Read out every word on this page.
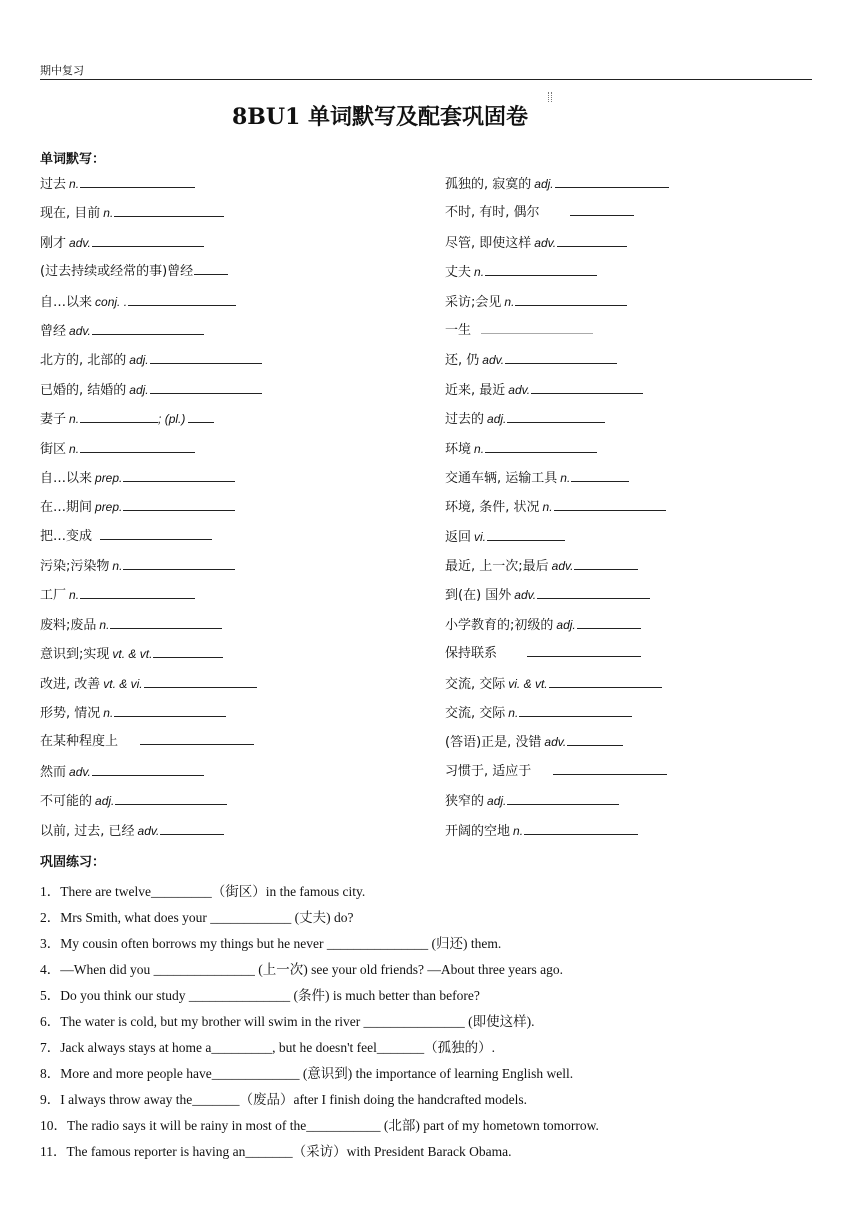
期中复习
8BU1 单词默写及配套巩固卷
单词默写：
过去 n.
现在, 目前 n.
刚才 adv.
(过去持续或经常的事)曾经
自…以来 conj. .
曾经 adv.
北方的, 北部的 adj.
已婚的, 结婚的 adj.
妻子 n.	; (pl.)
街区 n.
自…以来 prep.
在…期间 prep.
把…变成
污染;污染物 n.
工厂 n.
废料;废品 n.
意识到;实现 vt. & vt.
改进, 改善 vt. & vi.
形势, 情况 n.
在某种程度上
然而 adv.
不可能的 adj.
以前, 过去, 已经 adv.
孤独的, 寂寞的 adj.
不时, 有时, 偶尔
尽管, 即使这样 adv.
丈夫 n.
采访;会见 n.
一生
还, 仍 adv.
近来, 最近 adv.
过去的 adj.
环境 n.
交通车辆, 运输工具 n.
环境, 条件, 状况 n.
返回 vi.
最近, 上一次;最后 adv.
到(在) 国外 adv.
小学教育的;初级的 adj.
保持联系
交流, 交际 vi. & vt.
交流, 交际 n.
(答语)正是, 没错 adv.
习惯于, 适应于
狭窄的 adj.
开阔的空地 n.
巩固练习：
1．There are twelve_________（街区）in the famous city.
2．Mrs Smith, what does your ____________ (丈夫) do?
3．My cousin often borrows my things but he never _______________ (归还) them.
4．—When did you _______________ (上一次) see your old friends? —About three years ago.
5．Do you think our study _______________ (条件) is much better than before?
6．The water is cold, but my brother will swim in the river _______________ (即使这样).
7．Jack always stays at home a_________, but he doesn't feel_______（孤独的）.
8．More and more people have_____________ (意识到) the importance of learning English well.
9．I always throw away the_______（废品）after I finish doing the handcrafted models.
10．The radio says it will be rainy in most of the___________ (北部) part of my hometown tomorrow.
11．The famous reporter is having an_______（采访）with President Barack Obama.
